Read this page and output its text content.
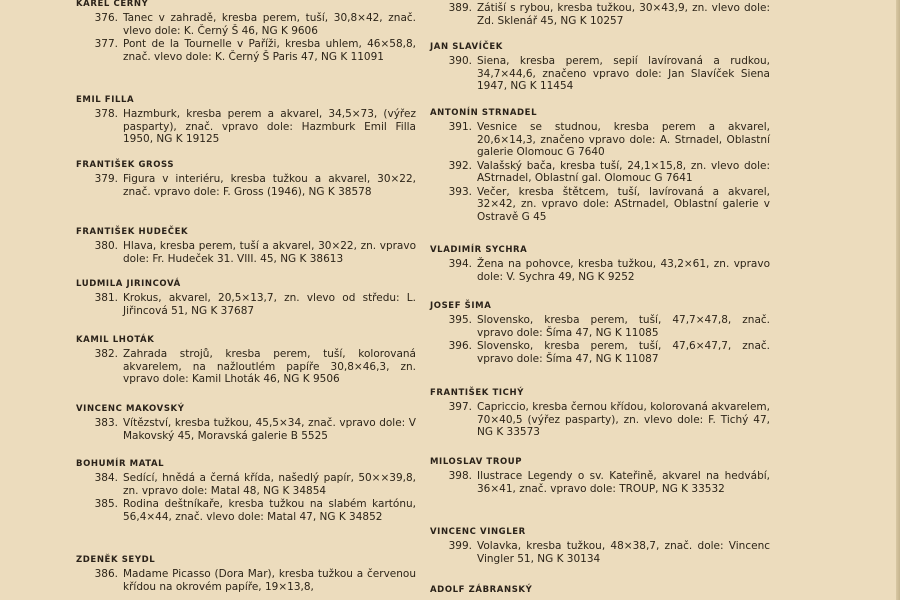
KAREL ČERNÝ
376. Tanec v zahradě, kresba perem, tuší, 30,8×42, znač. vlevo dole: K. Černý Š 46, NG K 9606
377. Pont de la Tournelle v Paříži, kresba uhlem, 46×58,8, znač. vlevo dole: K. Černý Š Paris 47, NG K 11091
EMIL FILLA
378. Hazmburk, kresba perem a akvarel, 34,5×73, (výřez pasparty), znač. vpravo dole: Hazmburk Emil Filla 1950, NG K 19125
FRANTIŠEK GROSS
379. Figura v interiéru, kresba tužkou a akvarel, 30×22, znač. vpravo dole: F. Gross (1946), NG K 38578
FRANTIŠEK HUDEČEK
380. Hlava, kresba perem, tuší a akvarel, 30×22, zn. vpravo dole: Fr. Hudeček 31. VIII. 45, NG K 38613
LUDMILA JIRINCOVÁ
381. Krokus, akvarel, 20,5×13,7, zn. vlevo od středu: L. Jiřincová 51, NG K 37687
KAMIL LHOTÁK
382. Zahrada strojů, kresba perem, tuší, kolorovaná akvarelem, na nažloutlém papíře 30,8×46,3, zn. vpravo dole: Kamil Lhoták 46, NG K 9506
VINCENC MAKOVSKÝ
383. Vítězství, kresba tužkou, 45,5×34, znač. vpravo dole: V Makovský 45, Moravská galerie B 5525
BOHUMÍR MATAL
384. Sedící, hnědá a černá křída, našedlý papír, 50××39,8, zn. vpravo dole: Matal 48, NG K 34854
385. Rodina deštníkaře, kresba tužkou na slabém kartónu, 56,4×44, znač. vlevo dole: Matal 47, NG K 34852
ZDENĚK SEYDL
386. Madame Picasso (Dora Mar), kresba tužkou a červenou křídou na okrovém papíře, 19×13,8,
389. Zátiší s rybou, kresba tužkou, 30×43,9, zn. vlevo dole: Zd. Sklenář 45, NG K 10257
JAN SLAVÍČEK
390. Siena, kresba perem, sepií lavírovaná a rudkou, 34,7×44,6, značeno vpravo dole: Jan Slavíček Siena 1947, NG K 11454
ANTONÍN STRNADEL
391. Vesnice se studnou, kresba perem a akvarel, 20,6×14,3, značeno vpravo dole: A. Strnadel, Oblastní galerie Olomouc G 7640
392. Valašský bača, kresba tuší, 24,1×15,8, zn. vlevo dole: AStrnadel, Oblastní gal. Olomouc G 7641
393. Večer, kresba štětcem, tuší, lavírovaná a akvarel, 32×42, zn. vpravo dole: AStrnadel, Oblastní galerie v Ostravě G 45
VLADIMÍR SYCHRA
394. Žena na pohovce, kresba tužkou, 43,2×61, zn. vpravo dole: V. Sychra 49, NG K 9252
JOSEF ŠIMA
395. Slovensko, kresba perem, tuší, 47,7×47,8, znač. vpravo dole: Šíma 47, NG K 11085
396. Slovensko, kresba perem, tuší, 47,6×47,7, znač. vpravo dole: Šíma 47, NG K 11087
FRANTIŠEK TICHÝ
397. Capriccio, kresba černou křídou, kolorovaná akvarelem, 70×40,5 (výřez pasparty), zn. vlevo dole: F. Tichý 47, NG K 33573
MILOSLAV TROUP
398. Ilustrace Legendy o sv. Kateřině, akvarel na hedvábí, 36×41, znač. vpravo dole: TROUP, NG K 33532
VINCENC VINGLER
399. Volavka, kresba tužkou, 48×38,7, znač. dole: Vincenc Vingler 51, NG K 30134
ADOLF ZÁBRANSKÝ
